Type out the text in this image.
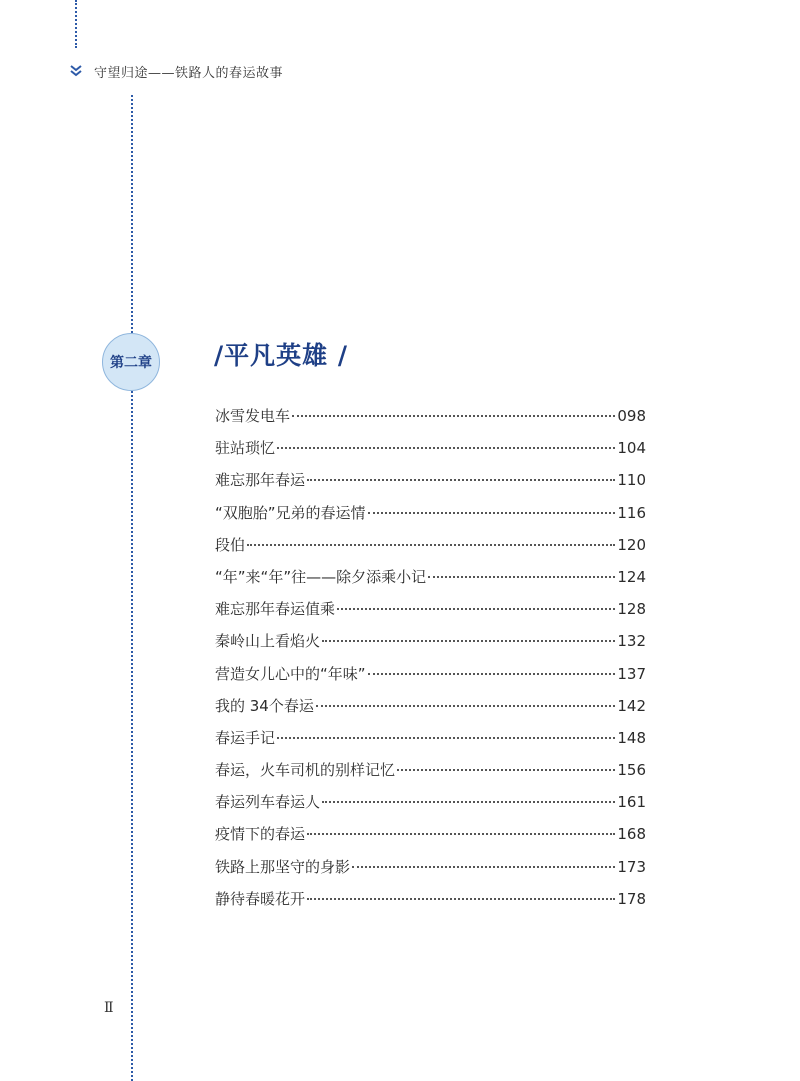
守望归途——铁路人的春运故事
第二章	/平凡英雄 /
冰雪发电车	098
驻站琐忆	104
难忘那年春运	110
“双胞胎”兄弟的春运情	116
段伯	120
“年”来“年”往——除夕添乘小记	124
难忘那年春运值乘	128
秦岭山上看焰火	132
营造女儿心中的“年味”	137
我的 34个春运	142
春运手记	148
春运，火车司机的别样记忆	156
春运列车春运人	161
疫情下的春运	168
铁路上那坚守的身影	173
静待春暖花开	178
Ⅱ
